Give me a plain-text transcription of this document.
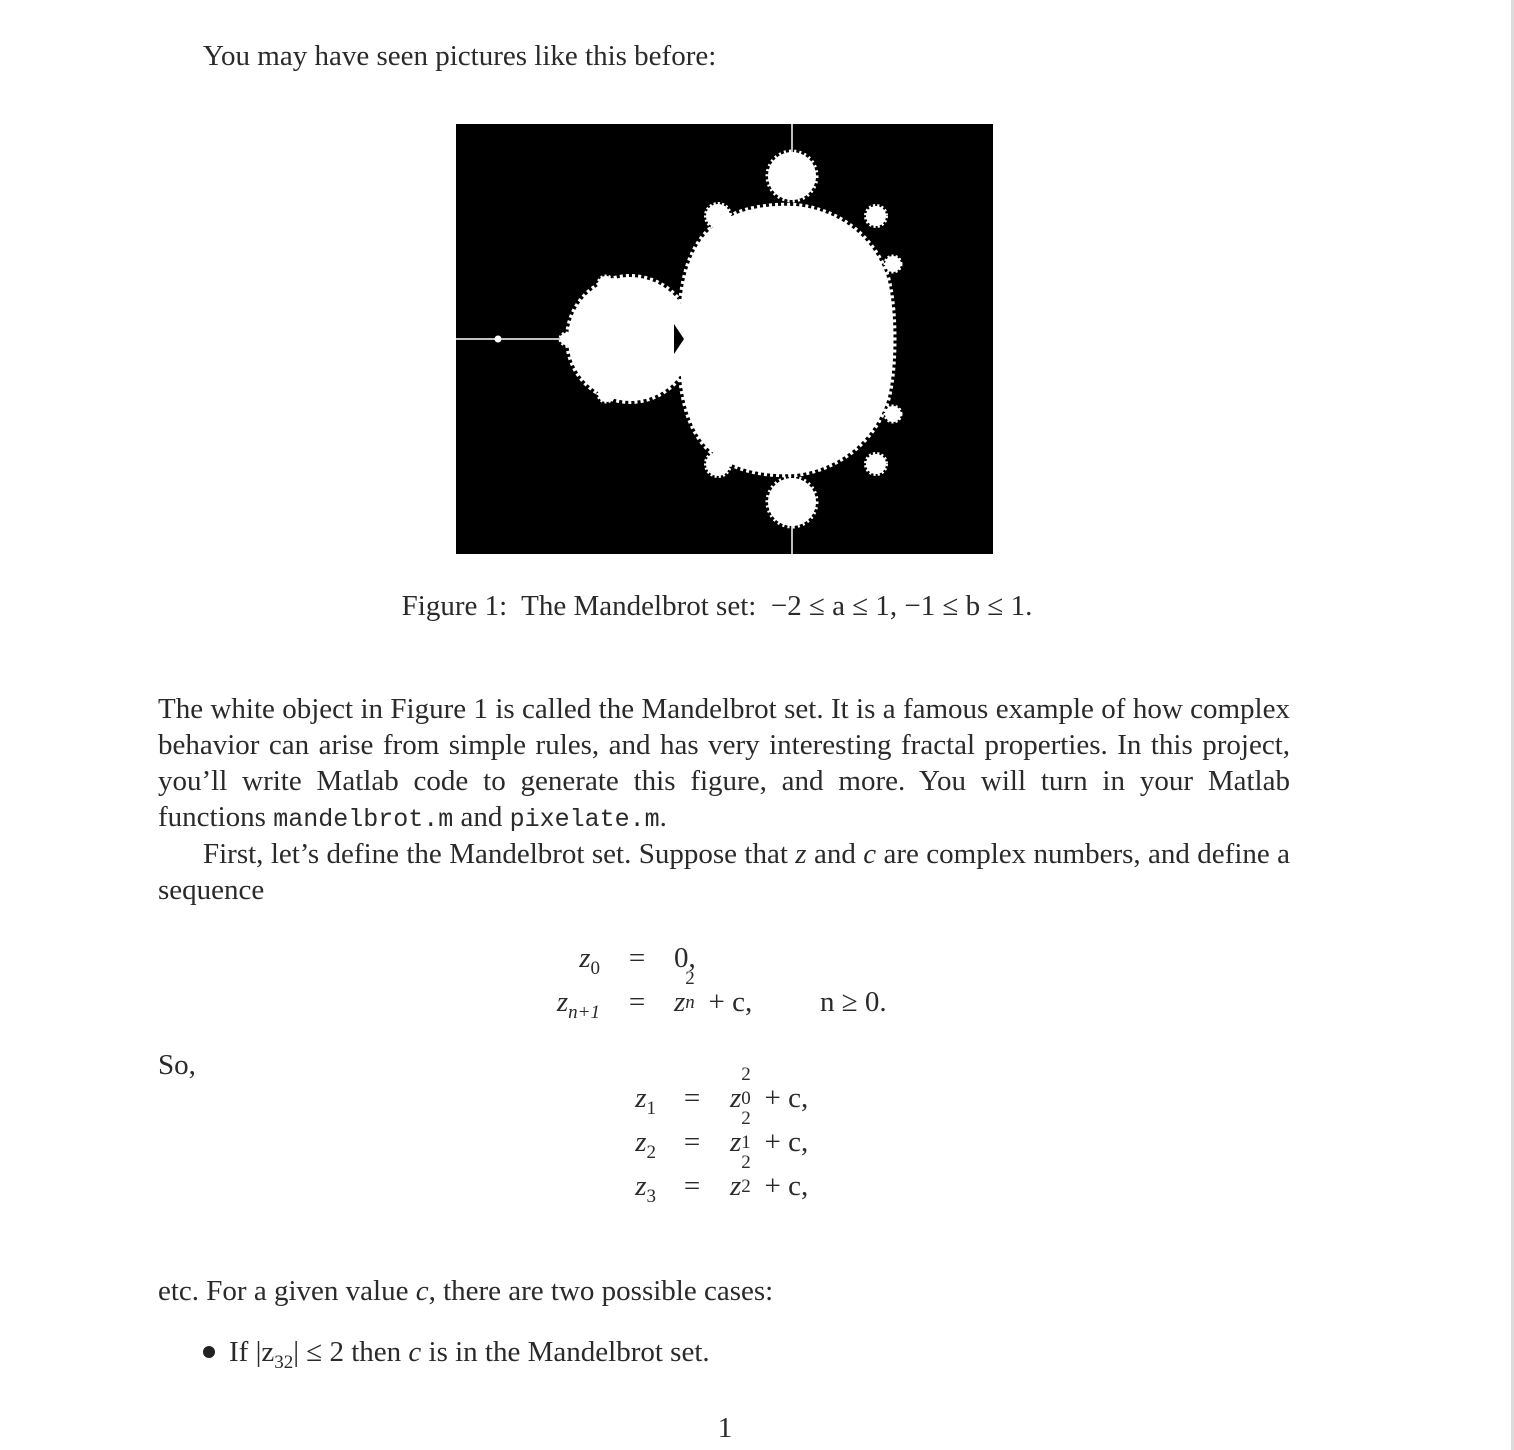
You may have seen pictures like this before:
Figure 1: The Mandelbrot set: −2 ≤ a ≤ 1, −1 ≤ b ≤ 1.
The white object in Figure 1 is called the Mandelbrot set. It is a famous example of how complex behavior can arise from simple rules, and has very interesting fractal properties. In this project, you’ll write Matlab code to generate this figure, and more. You will turn in your Matlab functions mandelbrot.m and pixelate.m.
First, let’s define the Mandelbrot set. Suppose that z and c are complex numbers, and define a sequence
$z_0 = 0$,
$z_{n+1} = z$
2
n + c, n ≥ 0.
So,
$z_1 = z$
2
0 + c,
$z_2 = z$
2
1 + c,
$z_3 = z$
2
2 + c,
etc. For a given value c, there are two possible cases:
If $|z_{32}| \le 2$ then c is in the Mandelbrot set.
1
